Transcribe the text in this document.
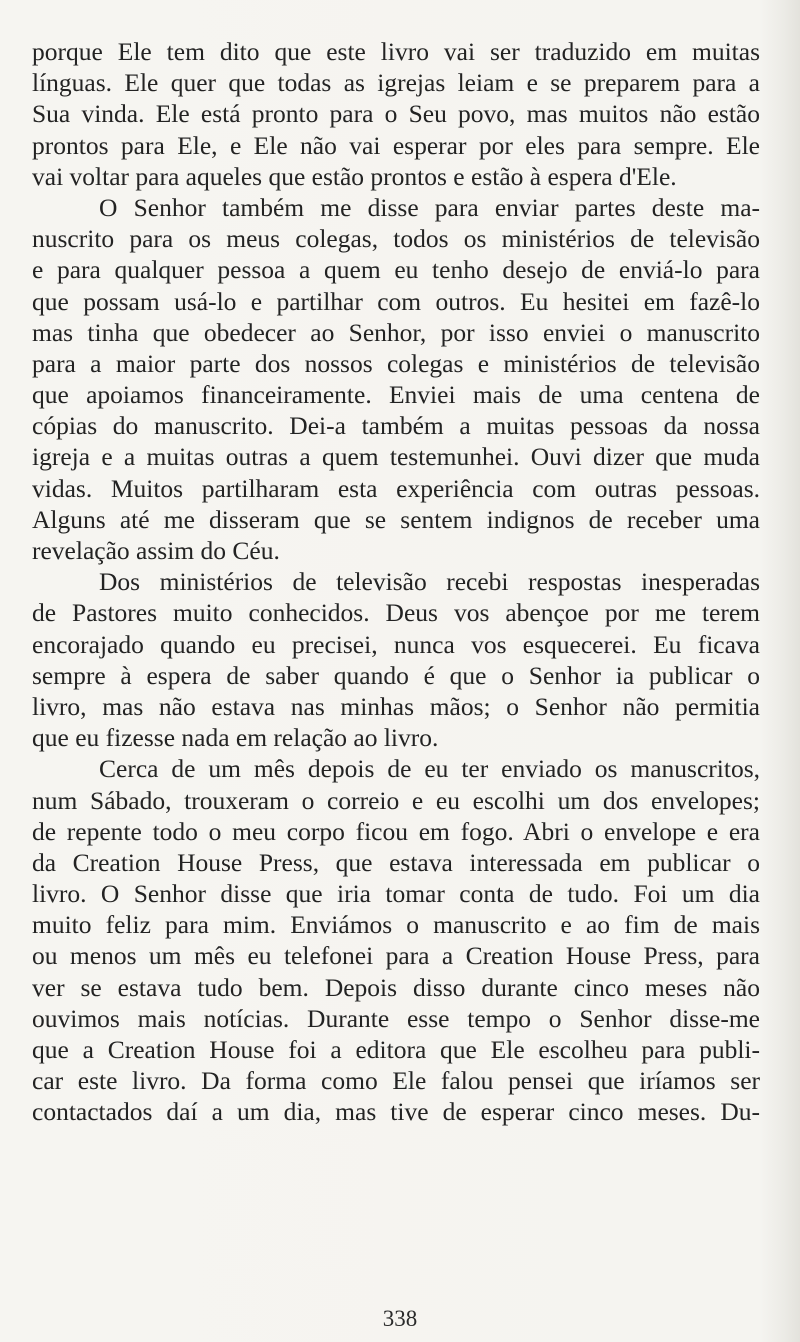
porque Ele tem dito que este livro vai ser traduzido em muitas
línguas. Ele quer que todas as igrejas leiam e se preparem para a
Sua vinda. Ele está pronto para o Seu povo, mas muitos não estão
prontos para Ele, e Ele não vai esperar por eles para sempre. Ele
vai voltar para aqueles que estão prontos e estão à espera d'Ele.
O Senhor também me disse para enviar partes deste ma-
nuscrito para os meus colegas, todos os ministérios de televisão
e para qualquer pessoa a quem eu tenho desejo de enviá-lo para
que possam usá-lo e partilhar com outros. Eu hesitei em fazê-lo
mas tinha que obedecer ao Senhor, por isso enviei o manuscrito
para a maior parte dos nossos colegas e ministérios de televisão
que apoiamos financeiramente. Enviei mais de uma centena de
cópias do manuscrito. Dei-a também a muitas pessoas da nossa
igreja e a muitas outras a quem testemunhei. Ouvi dizer que muda
vidas. Muitos partilharam esta experiência com outras pessoas.
Alguns até me disseram que se sentem indignos de receber uma
revelação assim do Céu.
Dos ministérios de televisão recebi respostas inesperadas
de Pastores muito conhecidos. Deus vos abençoe por me terem
encorajado quando eu precisei, nunca vos esquecerei. Eu ficava
sempre à espera de saber quando é que o Senhor ia publicar o
livro, mas não estava nas minhas mãos; o Senhor não permitia
que eu fizesse nada em relação ao livro.
Cerca de um mês depois de eu ter enviado os manuscritos,
num Sábado, trouxeram o correio e eu escolhi um dos envelopes;
de repente todo o meu corpo ficou em fogo. Abri o envelope e era
da Creation House Press, que estava interessada em publicar o
livro. O Senhor disse que iria tomar conta de tudo. Foi um dia
muito feliz para mim. Enviámos o manuscrito e ao fim de mais
ou menos um mês eu telefonei para a Creation House Press, para
ver se estava tudo bem. Depois disso durante cinco meses não
ouvimos mais notícias. Durante esse tempo o Senhor disse-me
que a Creation House foi a editora que Ele escolheu para publi-
car este livro. Da forma como Ele falou pensei que iríamos ser
contactados daí a um dia, mas tive de esperar cinco meses. Du-
338
